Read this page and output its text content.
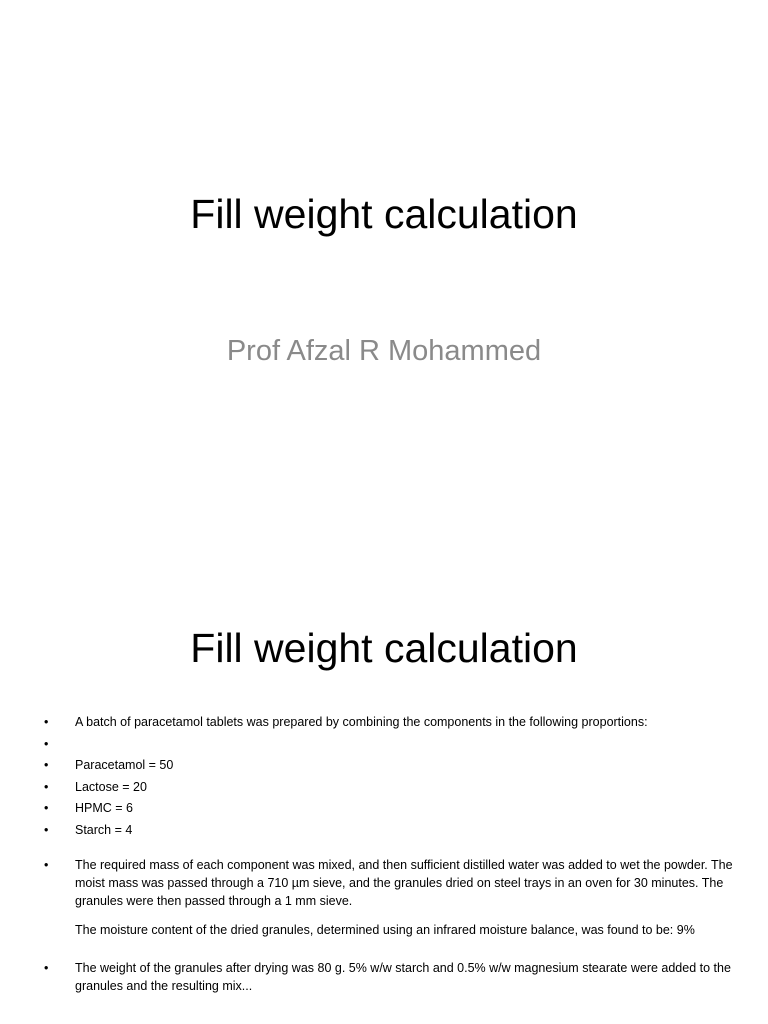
Fill weight calculation
Prof Afzal R Mohammed
Fill weight calculation
• A batch of paracetamol tablets was prepared by combining the components in the following proportions:
•

• Paracetamol = 50
• Lactose = 20
• HPMC = 6
• Starch = 4
• The required mass of each component was mixed, and then sufficient distilled water was added to wet the powder. The moist mass was passed through a 710 µm sieve, and the granules dried on steel trays in an oven for 30 minutes. The granules were then passed through a 1 mm sieve.
The moisture content of the dried granules, determined using an infrared moisture balance, was found to be: 9%
• The weight of the granules after drying was 80 g. 5% w/w starch and 0.5% w/w magnesium stearate were added to the granules and the resulting mix...
